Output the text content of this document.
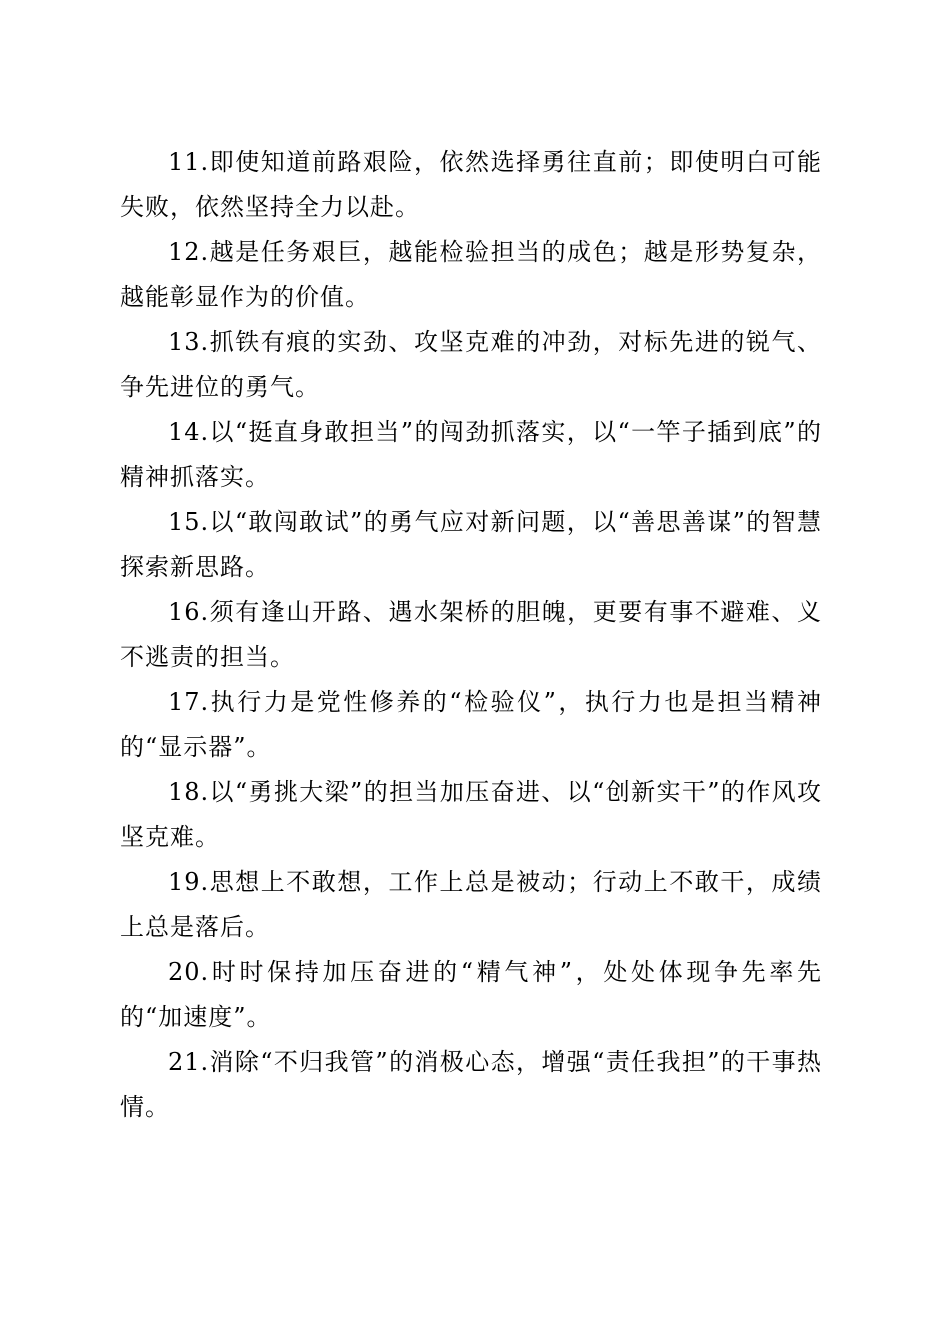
11.即使知道前路艰险，依然选择勇往直前；即使明白可能失败，依然坚持全力以赴。

12.越是任务艰巨，越能检验担当的成色；越是形势复杂，越能彰显作为的价值。

13.抓铁有痕的实劲、攻坚克难的冲劲，对标先进的锐气、争先进位的勇气。

14.以“挺直身敢担当”的闯劲抓落实，以“一竿子插到底”的精神抓落实。

15.以“敢闯敢试”的勇气应对新问题，以“善思善谋”的智慧探索新思路。

16.须有逢山开路、遇水架桥的胆魄，更要有事不避难、义不逃责的担当。

17.执行力是党性修养的“检验仪”，执行力也是担当精神的“显示器”。

18.以“勇挑大梁”的担当加压奋进、以“创新实干”的作风攻坚克难。

19.思想上不敢想，工作上总是被动；行动上不敢干，成绩上总是落后。

20.时时保持加压奋进的“精气神”，处处体现争先率先的“加速度”。

21.消除“不归我管”的消极心态，增强“责任我担”的干事热情。
